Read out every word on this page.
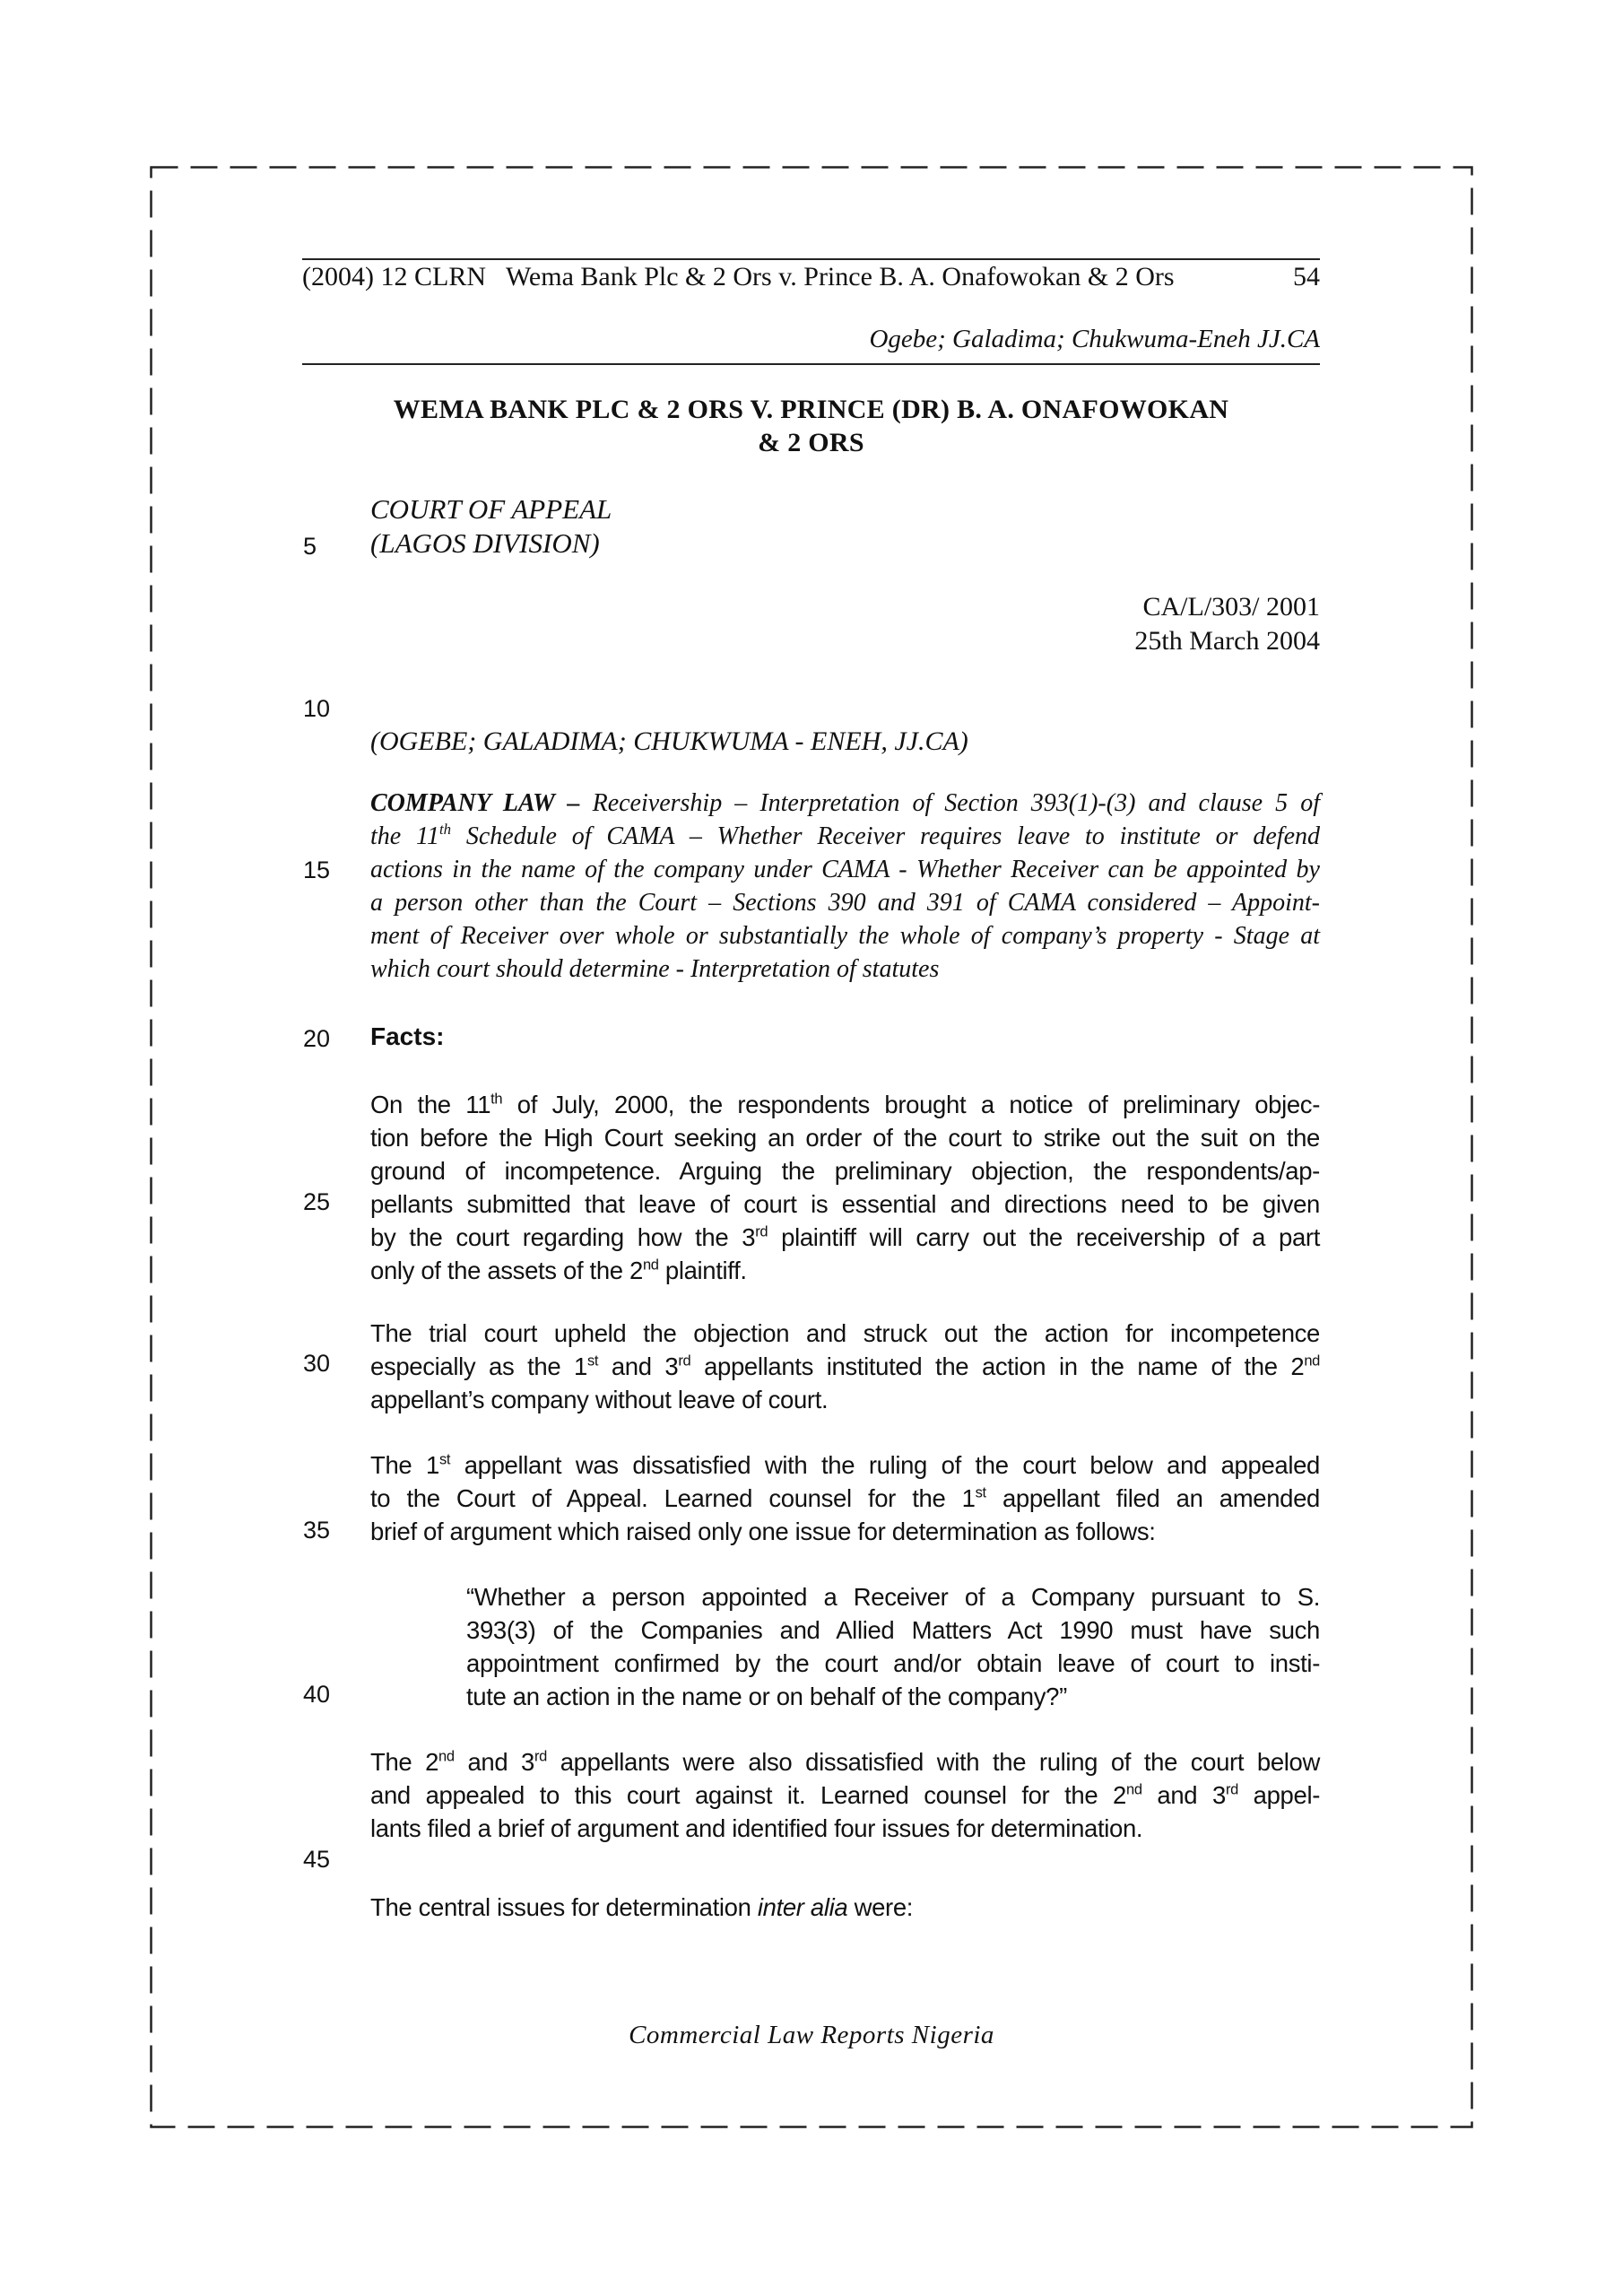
(2004) 12 CLRN Wema Bank Plc & 2 Ors v. Prince B. A. Onafowokan & 2 Ors	54
Ogebe; Galadima; Chukwuma-Eneh JJ.CA
WEMA BANK PLC & 2 ORS V. PRINCE (DR) B. A. ONAFOWOKAN
& 2 ORS
COURT OF APPEAL
5 (LAGOS DIVISION)
CA/L/303/ 2001
25th March 2004
10
(OGEBE; GALADIMA; CHUKWUMA - ENEH, JJ.CA)
COMPANY LAW – Receivership – Interpretation of Section 393(1)-(3) and clause 5 of
the 11th Schedule of CAMA – Whether Receiver requires leave to institute or defend
15 actions in the name of the company under CAMA - Whether Receiver can be appointed by
a person other than the Court – Sections 390 and 391 of CAMA considered – Appoint-
ment of Receiver over whole or substantially the whole of company’s property - Stage at
which court should determine - Interpretation of statutes
20 Facts:
On the 11th of July, 2000, the respondents brought a notice of preliminary objec-
tion before the High Court seeking an order of the court to strike out the suit on the
ground of incompetence. Arguing the preliminary objection, the respondents/ap-
25 pellants submitted that leave of court is essential and directions need to be given
by the court regarding how the 3rd plaintiff will carry out the receivership of a part
only of the assets of the 2nd plaintiff.
The trial court upheld the objection and struck out the action for incompetence
30 especially as the 1st and 3rd appellants instituted the action in the name of the 2nd
appellant’s company without leave of court.
The 1st appellant was dissatisfied with the ruling of the court below and appealed
to the Court of Appeal. Learned counsel for the 1st appellant filed an amended
35 brief of argument which raised only one issue for determination as follows:
“Whether a person appointed a Receiver of a Company pursuant to S.
393(3) of the Companies and Allied Matters Act 1990 must have such
appointment confirmed by the court and/or obtain leave of court to insti-
40	tute an action in the name or on behalf of the company?”
The 2nd and 3rd appellants were also dissatisfied with the ruling of the court below
and appealed to this court against it. Learned counsel for the 2nd and 3rd appel-
lants filed a brief of argument and identified four issues for determination.
45
The central issues for determination inter alia were:
Commercial Law Reports Nigeria
